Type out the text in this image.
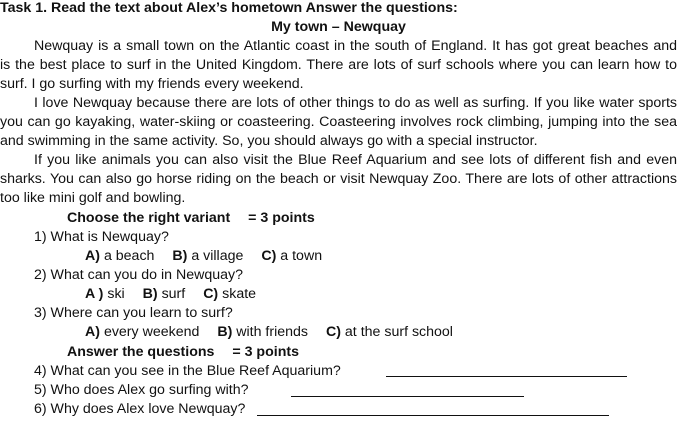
Task 1. Read the text about Alex’s hometown Answer the questions:
My town – Newquay
Newquay is a small town on the Atlantic coast in the south of England. It has got great beaches and
is the best place to surf in the United Kingdom. There are lots of surf schools where you can learn how to
surf. I go surfing with my friends every weekend.
I love Newquay because there are lots of other things to do as well as surfing. If you like water sports
you can go kayaking, water-skiing or coasteering. Coasteering involves rock climbing, jumping into the sea
and swimming in the same activity. So, you should always go with a special instructor.
If you like animals you can also visit the Blue Reef Aquarium and see lots of different fish and even
sharks. You can also go horse riding on the beach or visit Newquay Zoo. There are lots of other attractions
too like mini golf and bowling.
Choose the right variant = 3 points
1) What is Newquay?
A) a beach B) a village C) a town
2) What can you do in Newquay?
A ) ski B) surf C) skate
3) Where can you learn to surf?
A) every weekend B) with friends C) at the surf school
Answer the questions = 3 points
4) What can you see in the Blue Reef Aquarium?
5) Who does Alex go surfing with?
6) Why does Alex love Newquay?
